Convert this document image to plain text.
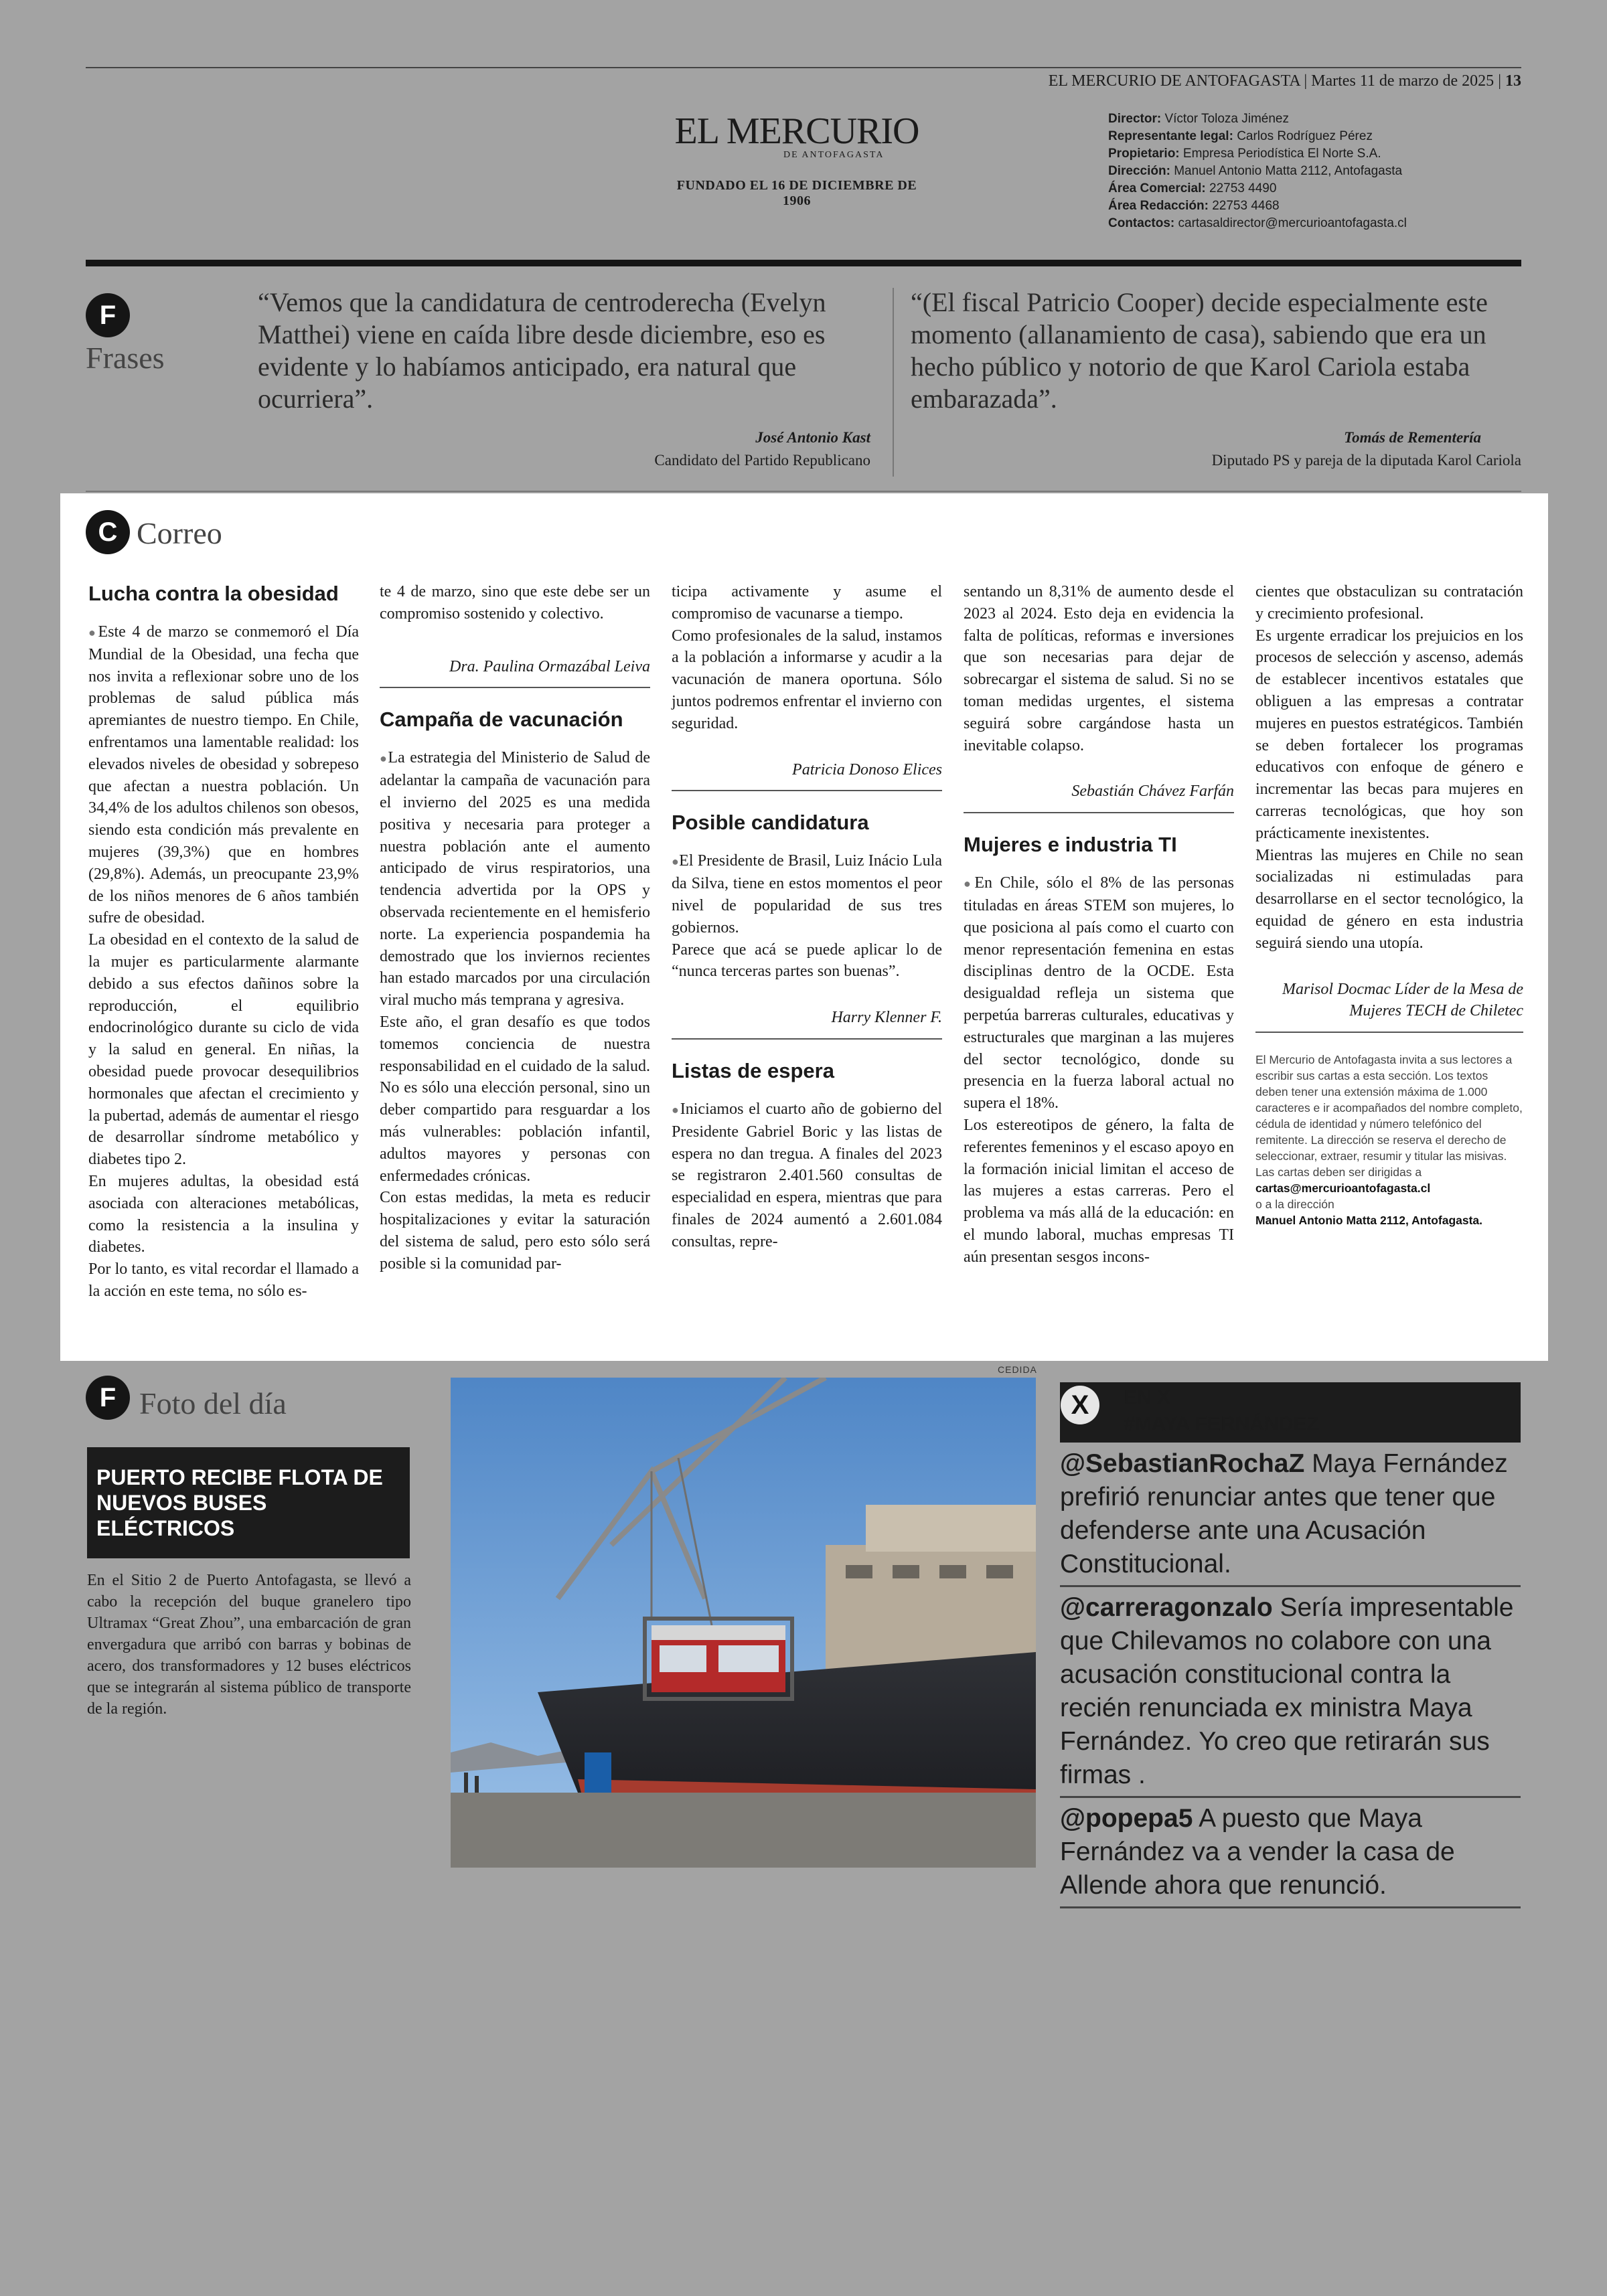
EL MERCURIO DE ANTOFAGASTA | Martes 11 de marzo de 2025 | 13
EL MERCURIO
DE ANTOFAGASTA
FUNDADO EL 16 DE DICIEMBRE DE 1906
Director: Víctor Toloza Jiménez
Representante legal: Carlos Rodríguez Pérez
Propietario: Empresa Periodística El Norte S.A.
Dirección: Manuel Antonio Matta 2112, Antofagasta
Área Comercial: 22753 4490
Área Redacción: 22753 4468
Contactos: cartasaldirector@mercurioantofagasta.cl
F
Frases
“Vemos que la candidatura de centroderecha (Evelyn Matthei) viene en caída libre desde diciembre, eso es evidente y lo habíamos anticipado, era natural que ocurriera”.
José Antonio Kast
Candidato del Partido Republicano
“(El fiscal Patricio Cooper) decide especialmente este momento (allanamiento de casa), sabiendo que era un hecho público y notorio de que Karol Cariola estaba embarazada”.
Tomás de Rementería
Diputado PS y pareja de la diputada Karol Cariola
C Correo
Lucha contra la obesidad

● Este 4 de marzo se conmemoró el Día Mundial de la Obesidad, una fecha que nos invita a reflexionar sobre uno de los problemas de salud pública más apremiantes de nuestro tiempo. En Chile, enfrentamos una lamentable realidad: los elevados niveles de obesidad y sobrepeso que afectan a nuestra población. Un 34,4% de los adultos chilenos son obesos, siendo esta condición más prevalente en mujeres (39,3%) que en hombres (29,8%). Además, un preocupante 23,9% de los niños menores de 6 años también sufre de obesidad.

La obesidad en el contexto de la salud de la mujer es particularmente alarmante debido a sus efectos dañinos sobre la reproducción, el equilibrio endocrinológico durante su ciclo de vida y la salud en general. En niñas, la obesidad puede provocar desequilibrios hormonales que afectan el crecimiento y la pubertad, además de aumentar el riesgo de desarrollar síndrome metabólico y diabetes tipo 2.

En mujeres adultas, la obesidad está asociada con alteraciones metabólicas, como la resistencia a la insulina y diabetes.

Por lo tanto, es vital recordar el llamado a la acción en este tema, no sólo es-

te 4 de marzo, sino que este debe ser un compromiso sostenido y colectivo.

Dra. Paulina Ormazábal Leiva

Campaña de vacunación

● La estrategia del Ministerio de Salud de adelantar la campaña de vacunación para el invierno del 2025 es una medida positiva y necesaria para proteger a nuestra población ante el aumento anticipado de virus respiratorios, una tendencia advertida por la OPS y observada recientemente en el hemisferio norte. La experiencia pospandemia ha demostrado que los inviernos recientes han estado marcados por una circulación viral mucho más temprana y agresiva.

Este año, el gran desafío es que todos tomemos conciencia de nuestra responsabilidad en el cuidado de la salud. No es sólo una elección personal, sino un deber compartido para resguardar a los más vulnerables: población infantil, adultos mayores y personas con enfermedades crónicas.

Con estas medidas, la meta es reducir hospitalizaciones y evitar la saturación del sistema de salud, pero esto sólo será posible si la comunidad par-

ticipa activamente y asume el compromiso de vacunarse a tiempo.

Como profesionales de la salud, instamos a la población a informarse y acudir a la vacunación de manera oportuna. Sólo juntos podremos enfrentar el invierno con seguridad.

Patricia Donoso Elices

Posible candidatura

● El Presidente de Brasil, Luiz Inácio Lula da Silva, tiene en estos momentos el peor nivel de popularidad de sus tres gobiernos.

Parece que acá se puede aplicar lo de “nunca terceras partes son buenas”.

Harry Klenner F.

Listas de espera

● Iniciamos el cuarto año de gobierno del Presidente Gabriel Boric y las listas de espera no dan tregua. A finales del 2023 se registraron 2.401.560 consultas de especialidad en espera, mientras que para finales de 2024 aumentó a 2.601.084 consultas, repre-

sentando un 8,31% de aumento desde el 2023 al 2024. Esto deja en evidencia la falta de políticas, reformas e inversiones que son necesarias para dejar de sobrecargar el sistema de salud. Si no se toman medidas urgentes, el sistema seguirá sobre cargándose hasta un inevitable colapso.

Sebastián Chávez Farfán

Mujeres e industria TI

● En Chile, sólo el 8% de las personas tituladas en áreas STEM son mujeres, lo que posiciona al país como el cuarto con menor representación femenina en estas disciplinas dentro de la OCDE. Esta desigualdad refleja un sistema que perpetúa barreras culturales, educativas y estructurales que marginan a las mujeres del sector tecnológico, donde su presencia en la fuerza laboral actual no supera el 18%.

Los estereotipos de género, la falta de referentes femeninos y el escaso apoyo en la formación inicial limitan el acceso de las mujeres a estas carreras. Pero el problema va más allá de la educación: en el mundo laboral, muchas empresas TI aún presentan sesgos incons-

cientes que obstaculizan su contratación y crecimiento profesional.

Es urgente erradicar los prejuicios en los procesos de selección y ascenso, además de establecer incentivos estatales que obliguen a las empresas a contratar mujeres en puestos estratégicos. También se deben fortalecer los programas educativos con enfoque de género e incrementar las becas para mujeres en carreras tecnológicas, que hoy son prácticamente inexistentes.

Mientras las mujeres en Chile no sean socializadas ni estimuladas para desarrollarse en el sector tecnológico, la equidad de género en esta industria seguirá siendo una utopía.

Marisol Docmac Líder de la Mesa de Mujeres TECH de Chiletec

El Mercurio de Antofagasta invita a sus lectores a escribir sus cartas a esta sección. Los textos deben tener una extensión máxima de 1.000 caracteres e ir acompañados del nombre completo, cédula de identidad y número telefónico del remitente. La dirección se reserva el derecho de seleccionar, extraer, resumir y titular las misivas. Las cartas deben ser dirigidas a
cartas@mercurioantofagasta.cl
o a la dirección
Manuel Antonio Matta 2112, Antofagasta.
F Foto del día
PUERTO RECIBE FLOTA DE
NUEVOS BUSES ELÉCTRICOS
En el Sitio 2 de Puerto Antofagasta, se llevó a cabo la recepción del buque granelero tipo Ultramax “Great Zhou”, una embarcación de gran envergadura que arribó con barras y bobinas de acero, dos transformadores y 12 buses eléctricos que se integrarán al sistema público de transporte de la región.
CEDIDA
X	EN X
#MAYA FERNÁNDEZ
@SebastianRochaZ Maya Fernández prefirió renunciar antes que tener que defenderse ante una Acusación Constitucional.
@carreragonzalo Sería impresentable que Chilevamos no colabore con una acusación constitucional contra la recién renunciada ex ministra Maya Fernández. Yo creo que retirarán sus firmas .
@popepa5 A puesto que Maya Fernández va a vender la casa de Allende ahora que renunció.
